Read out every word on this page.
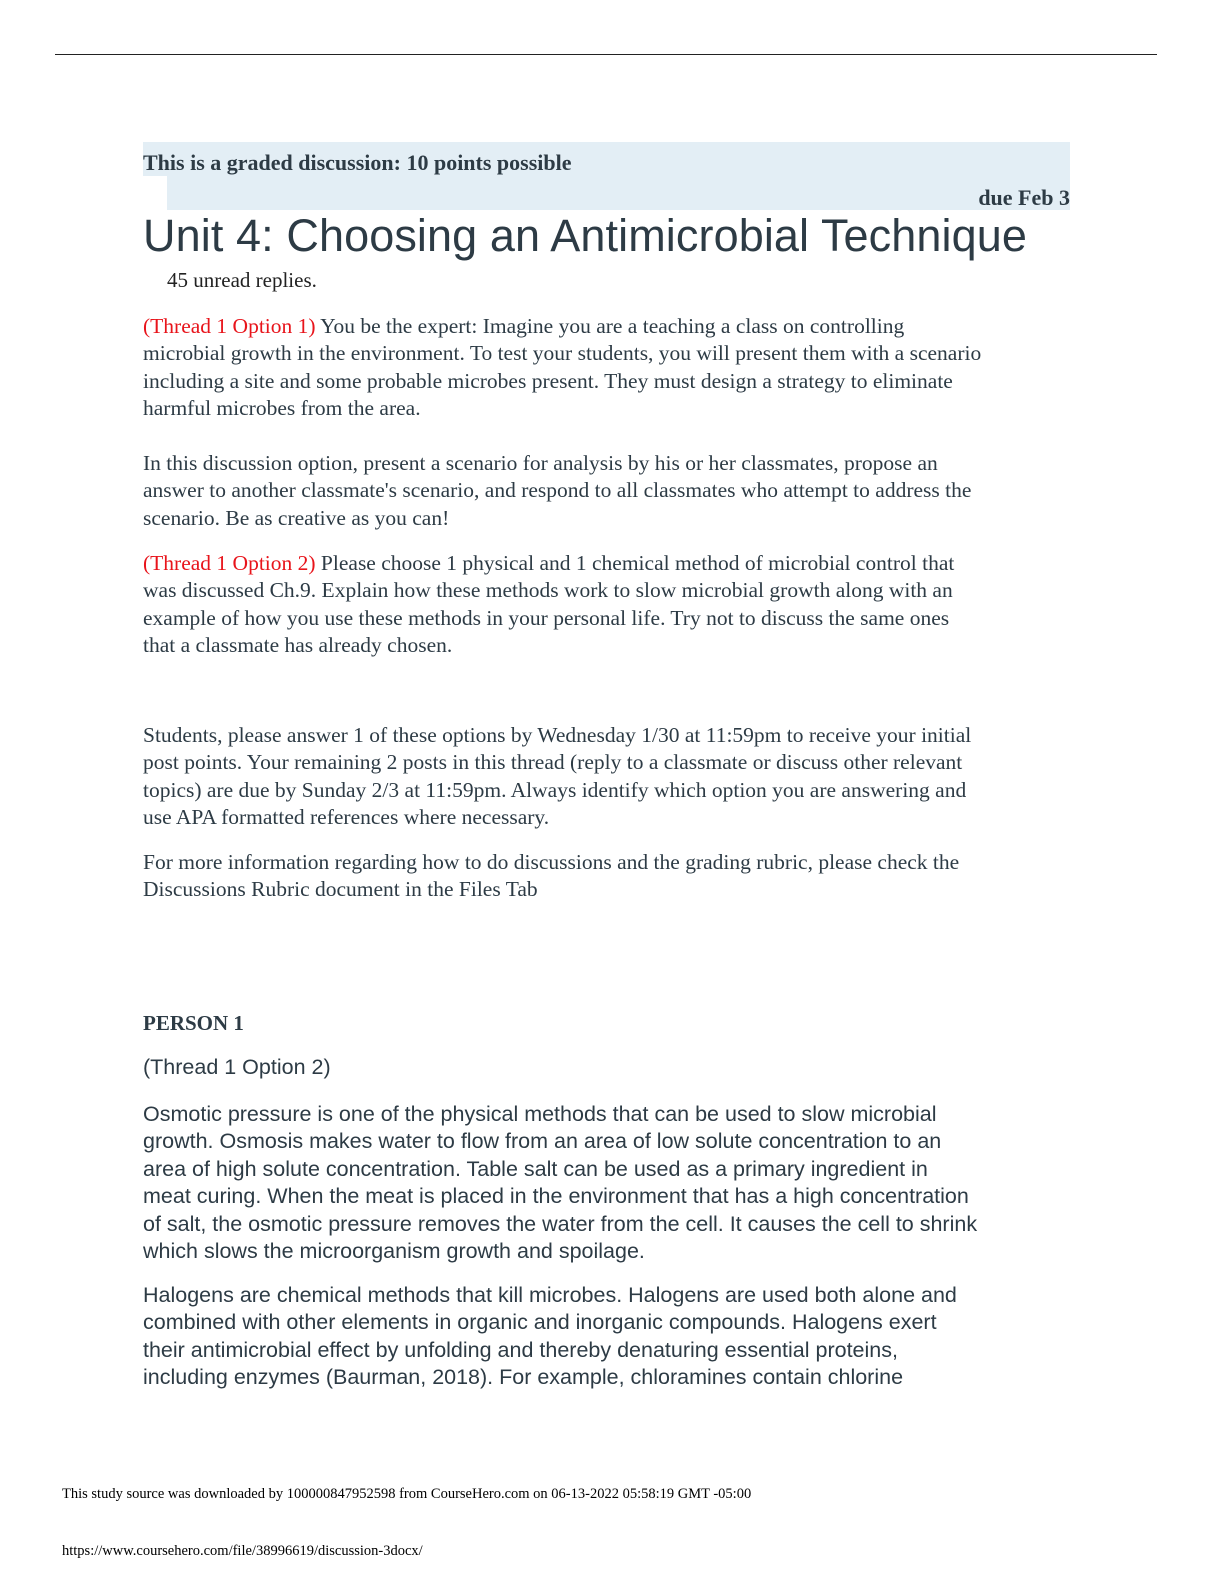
This is a graded discussion: 10 points possible
due Feb 3
Unit 4: Choosing an Antimicrobial Technique
45 unread replies.
(Thread 1 Option 1) You be the expert: Imagine you are a teaching a class on controlling
microbial growth in the environment. To test your students, you will present them with a scenario
including a site and some probable microbes present. They must design a strategy to eliminate
harmful microbes from the area.
In this discussion option, present a scenario for analysis by his or her classmates, propose an
answer to another classmate's scenario, and respond to all classmates who attempt to address the
scenario. Be as creative as you can!
(Thread 1 Option 2) Please choose 1 physical and 1 chemical method of microbial control that
was discussed Ch.9. Explain how these methods work to slow microbial growth along with an
example of how you use these methods in your personal life. Try not to discuss the same ones
that a classmate has already chosen.
Students, please answer 1 of these options by Wednesday 1/30 at 11:59pm to receive your initial
post points. Your remaining 2 posts in this thread (reply to a classmate or discuss other relevant
topics) are due by Sunday 2/3 at 11:59pm. Always identify which option you are answering and
use APA formatted references where necessary.
For more information regarding how to do discussions and the grading rubric, please check the
Discussions Rubric document in the Files Tab
PERSON 1
(Thread 1 Option 2)
Osmotic pressure is one of the physical methods that can be used to slow microbial
growth. Osmosis makes water to flow from an area of low solute concentration to an
area of high solute concentration. Table salt can be used as a primary ingredient in
meat curing. When the meat is placed in the environment that has a high concentration
of salt, the osmotic pressure removes the water from the cell. It causes the cell to shrink
which slows the microorganism growth and spoilage.
Halogens are chemical methods that kill microbes. Halogens are used both alone and
combined with other elements in organic and inorganic compounds. Halogens exert
their antimicrobial effect by unfolding and thereby denaturing essential proteins,
including enzymes (Baurman, 2018). For example, chloramines contain chlorine
This study source was downloaded by 100000847952598 from CourseHero.com on 06-13-2022 05:58:19 GMT -05:00
https://www.coursehero.com/file/38996619/discussion-3docx/
